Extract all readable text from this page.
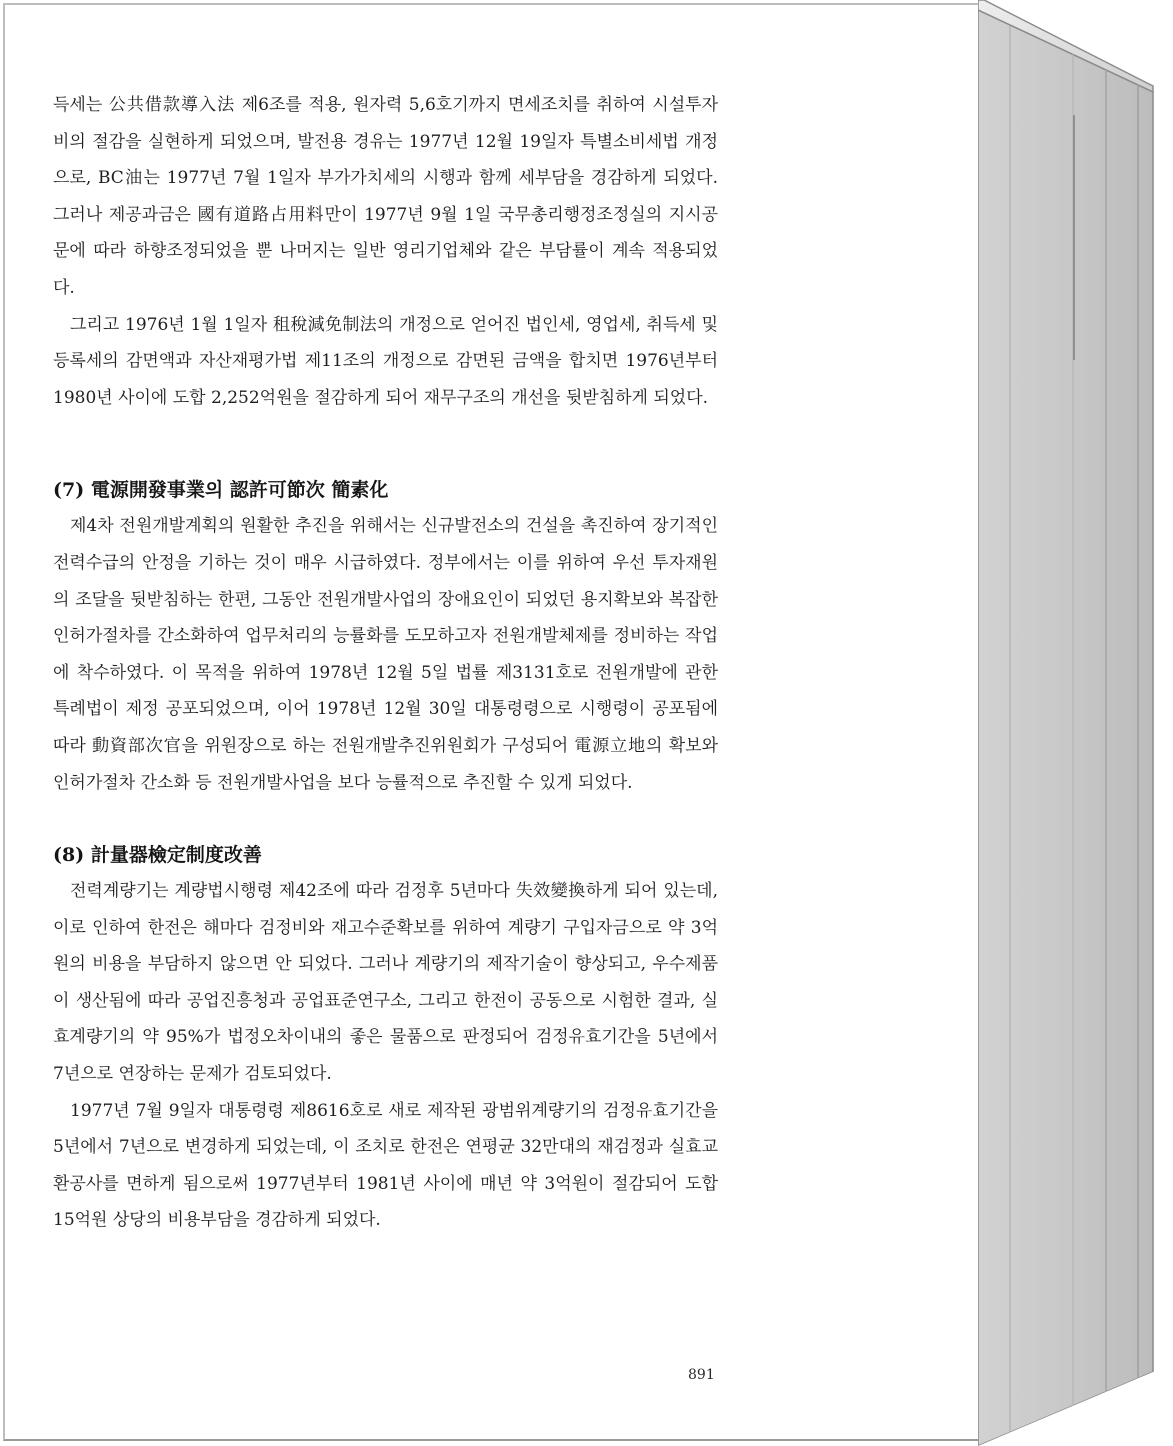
득세는 公共借款導入法 제6조를 적용, 원자력 5,6호기까지 면세조치를 취하여 시설투자비의 절감을 실현하게 되었으며, 발전용 경유는 1977년 12월 19일자 특별소비세법 개정으로, BC油는 1977년 7월 1일자 부가가치세의 시행과 함께 세부담을 경감하게 되었다. 그러나 제공과금은 國有道路占用料만이 1977년 9월 1일 국무총리행정조정실의 지시공문에 따라 하향조정되었을 뿐 나머지는 일반 영리기업체와 같은 부담률이 계속 적용되었다.

그리고 1976년 1월 1일자 租稅減免制法의 개정으로 얻어진 법인세, 영업세, 취득세 및 등록세의 감면액과 자산재평가법 제11조의 개정으로 감면된 금액을 합치면 1976년부터 1980년 사이에 도합 2,252억원을 절감하게 되어 재무구조의 개선을 뒷받침하게 되었다.

(7) 電源開發事業의 認許可節次 簡素化

제4차 전원개발계획의 원활한 추진을 위해서는 신규발전소의 건설을 촉진하여 장기적인 전력수급의 안정을 기하는 것이 매우 시급하였다. 정부에서는 이를 위하여 우선 투자재원의 조달을 뒷받침하는 한편, 그동안 전원개발사업의 장애요인이 되었던 용지확보와 복잡한 인허가절차를 간소화하여 업무처리의 능률화를 도모하고자 전원개발체제를 정비하는 작업에 착수하였다. 이 목적을 위하여 1978년 12월 5일 법률 제3131호로 전원개발에 관한 특례법이 제정 공포되었으며, 이어 1978년 12월 30일 대통령령으로 시행령이 공포됨에 따라 動資部次官을 위원장으로 하는 전원개발추진위원회가 구성되어 電源立地의 확보와 인허가절차 간소화 등 전원개발사업을 보다 능률적으로 추진할 수 있게 되었다.

(8) 計量器檢定制度改善

전력계량기는 계량법시행령 제42조에 따라 검정후 5년마다 失效變換하게 되어 있는데, 이로 인하여 한전은 해마다 검정비와 재고수준확보를 위하여 계량기 구입자금으로 약 3억원의 비용을 부담하지 않으면 안 되었다. 그러나 계량기의 제작기술이 향상되고, 우수제품이 생산됨에 따라 공업진흥청과 공업표준연구소, 그리고 한전이 공동으로 시험한 결과, 실효계량기의 약 95%가 법정오차이내의 좋은 물품으로 판정되어 검정유효기간을 5년에서 7년으로 연장하는 문제가 검토되었다.

1977년 7월 9일자 대통령령 제8616호로 새로 제작된 광범위계량기의 검정유효기간을 5년에서 7년으로 변경하게 되었는데, 이 조치로 한전은 연평균 32만대의 재검정과 실효교환공사를 면하게 됨으로써 1977년부터 1981년 사이에 매년 약 3억원이 절감되어 도합 15억원 상당의 비용부담을 경감하게 되었다.

891
